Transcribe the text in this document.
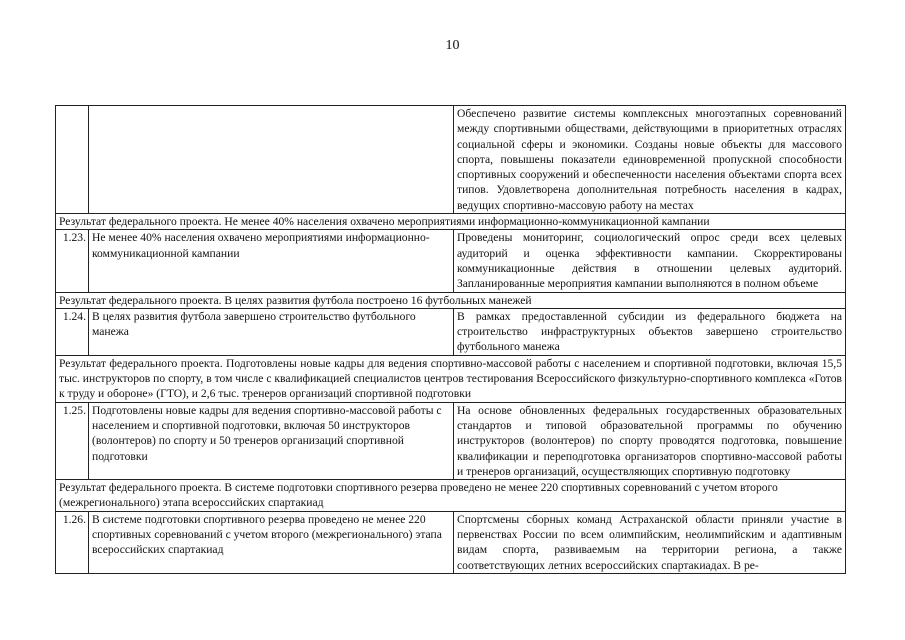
10
		Обеспечено развитие системы комплексных многоэтапных соревнований между спортивными обществами, действующими в приоритетных отраслях социальной сферы и экономики. Созданы новые объекты для массового спорта, повышены показатели единовременной пропускной способности спортивных сооружений и обеспеченности населения объектами спорта всех типов. Удовлетворена дополнительная потребность населения в кадрах, ведущих спортивно-массовую работу на местах
Результат федерального проекта. Не менее 40% населения охвачено мероприятиями информационно-коммуникационной кампании		
1.23.	Не менее 40% населения охвачено мероприятиями информационно-коммуникационной кампании	Проведены мониторинг, социологический опрос среди всех целевых аудиторий и оценка эффективности кампании. Скорректированы коммуникационные действия в отношении целевых аудиторий. Запланированные мероприятия кампании выполняются в полном объеме
Результат федерального проекта. В целях развития футбола построено 16 футбольных манежей		
1.24.	В целях развития футбола завершено строительство футбольного манежа	В рамках предоставленной субсидии из федерального бюджета на строительство инфраструктурных объектов завершено строительство футбольного манежа
Результат федерального проекта. Подготовлены новые кадры для ведения спортивно-массовой работы с населением и спортивной подготовки, включая 15,5 тыс. инструкторов по спорту, в том числе с квалификацией специалистов центров тестирования Всероссийского физкультурно-спортивного комплекса «Готов к труду и обороне» (ГТО), и 2,6 тыс. тренеров организаций спортивной подготовки		
1.25.	Подготовлены новые кадры для ведения спортивно-массовой работы с населением и спортивной подготовки, включая 50 инструкторов (волонтеров) по спорту и 50 тренеров организаций спортивной подготовки	На основе обновленных федеральных государственных образовательных стандартов и типовой образовательной программы по обучению инструкторов (волонтеров) по спорту проводятся подготовка, повышение квалификации и переподготовка организаторов спортивно-массовой работы и тренеров организаций, осуществляющих спортивную подготовку
Результат федерального проекта. В системе подготовки спортивного резерва проведено не менее 220 спортивных соревнований с учетом второго (межрегионального) этапа всероссийских спартакиад		
1.26.	В системе подготовки спортивного резерва проведено не менее 220 спортивных соревнований с учетом второго (межрегионального) этапа всероссийских спартакиад	Спортсмены сборных команд Астраханской области приняли участие в первенствах России по всем олимпийским, неолимпийским и адаптивным видам спорта, развиваемым на территории региона, а также соответствующих летних всероссийских спартакиадах. В ре-
